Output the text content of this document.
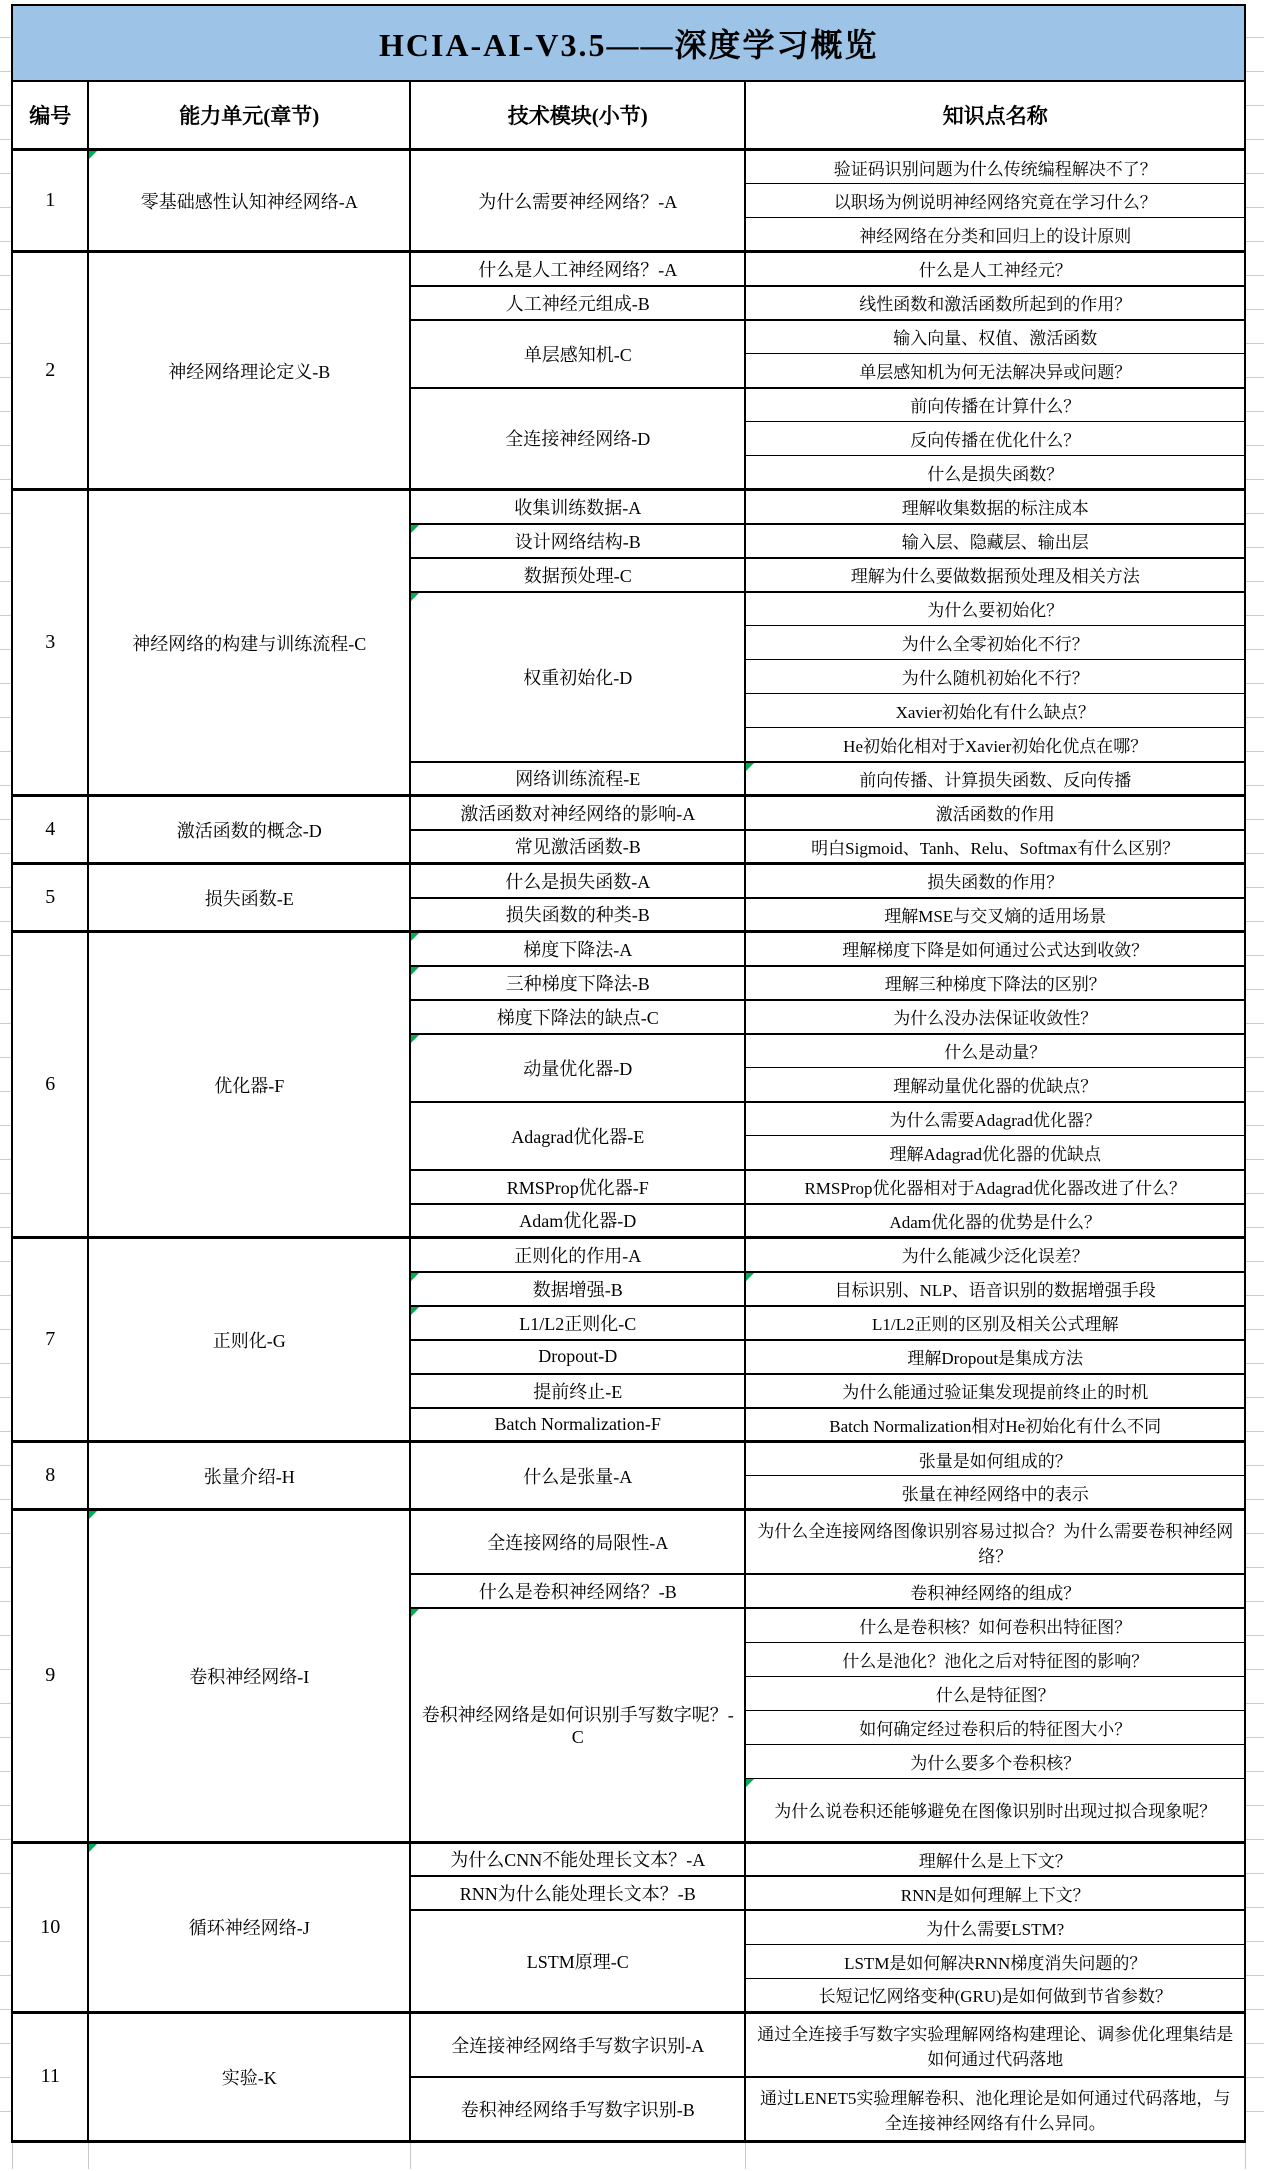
HCIA-AI-V3.5——深度学习概览			
编号	能力单元(章节)	技术模块(小节)	知识点名称
1	零基础感性认知神经网络-A	为什么需要神经网络？-A	验证码识别问题为什么传统编程解决不了？
			以职场为例说明神经网络究竟在学习什么？
			神经网络在分类和回归上的设计原则
2	神经网络理论定义-B	什么是人工神经网络？-A	什么是人工神经元？
		人工神经元组成-B	线性函数和激活函数所起到的作用？
		单层感知机-C	输入向量、权值、激活函数
			单层感知机为何无法解决异或问题？
		全连接神经网络-D	前向传播在计算什么？
			反向传播在优化什么？
			什么是损失函数？
3	神经网络的构建与训练流程-C	收集训练数据-A	理解收集数据的标注成本
		设计网络结构-B	输入层、隐藏层、输出层
		数据预处理-C	理解为什么要做数据预处理及相关方法
		权重初始化-D	为什么要初始化？
			为什么全零初始化不行？
			为什么随机初始化不行？
			Xavier初始化有什么缺点？
			He初始化相对于Xavier初始化优点在哪？
		网络训练流程-E	前向传播、计算损失函数、反向传播

4	激活函数的概念-D	激活函数对神经网络的影响-A	激活函数的作用
		常见激活函数-B	明白Sigmoid、Tanh、Relu、Softmax有什么区别？
5	损失函数-E	什么是损失函数-A	损失函数的作用？
		损失函数的种类-B	理解MSE与交叉熵的适用场景
6	优化器-F	梯度下降法-A	理解梯度下降是如何通过公式达到收敛？
		三种梯度下降法-B	理解三种梯度下降法的区别？
		梯度下降法的缺点-C	为什么没办法保证收敛性？
		动量优化器-D	什么是动量？
			理解动量优化器的优缺点？
		Adagrad优化器-E	为什么需要Adagrad优化器？
			理解Adagrad优化器的优缺点
		RMSProp优化器-F	RMSProp优化器相对于Adagrad优化器改进了什么？
		Adam优化器-D	Adam优化器的优势是什么？
7	正则化-G	正则化的作用-A	为什么能减少泛化误差？
		数据增强-B	目标识别、NLP、语音识别的数据增强手段

		L1/L2正则化-C	L1/L2正则的区别及相关公式理解
		Dropout-D	理解Dropout是集成方法
		提前终止-E	为什么能通过验证集发现提前终止的时机
		Batch Normalization-F	Batch Normalization相对He初始化有什么不同
8	张量介绍-H	什么是张量-A	张量是如何组成的？
			张量在神经网络中的表示
9	卷积神经网络-I	全连接网络的局限性-A	为什么全连接网络图像识别容易过拟合？为什么需要卷积神经网络？
		什么是卷积神经网络？-B	卷积神经网络的组成？
		卷积神经网络是如何识别手写数字呢？-C	什么是卷积核？如何卷积出特征图？
			什么是池化？池化之后对特征图的影响？
			什么是特征图？
			如何确定经过卷积后的特征图大小？
			为什么要多个卷积核？
			为什么说卷积还能够避免在图像识别时出现过拟合现象呢？

10	循环神经网络-J	为什么CNN不能处理长文本？-A	理解什么是上下文？
		RNN为什么能处理长文本？-B	RNN是如何理解上下文？
		LSTM原理-C	为什么需要LSTM?
			LSTM是如何解决RNN梯度消失问题的？
			长短记忆网络变种(GRU)是如何做到节省参数？
11	实验-K	全连接神经网络手写数字识别-A	通过全连接手写数字实验理解网络构建理论、调参优化理集结是如何通过代码落地
		卷积神经网络手写数字识别-B	通过LENET5实验理解卷积、池化理论是如何通过代码落地，与全连接神经网络有什么异同。
